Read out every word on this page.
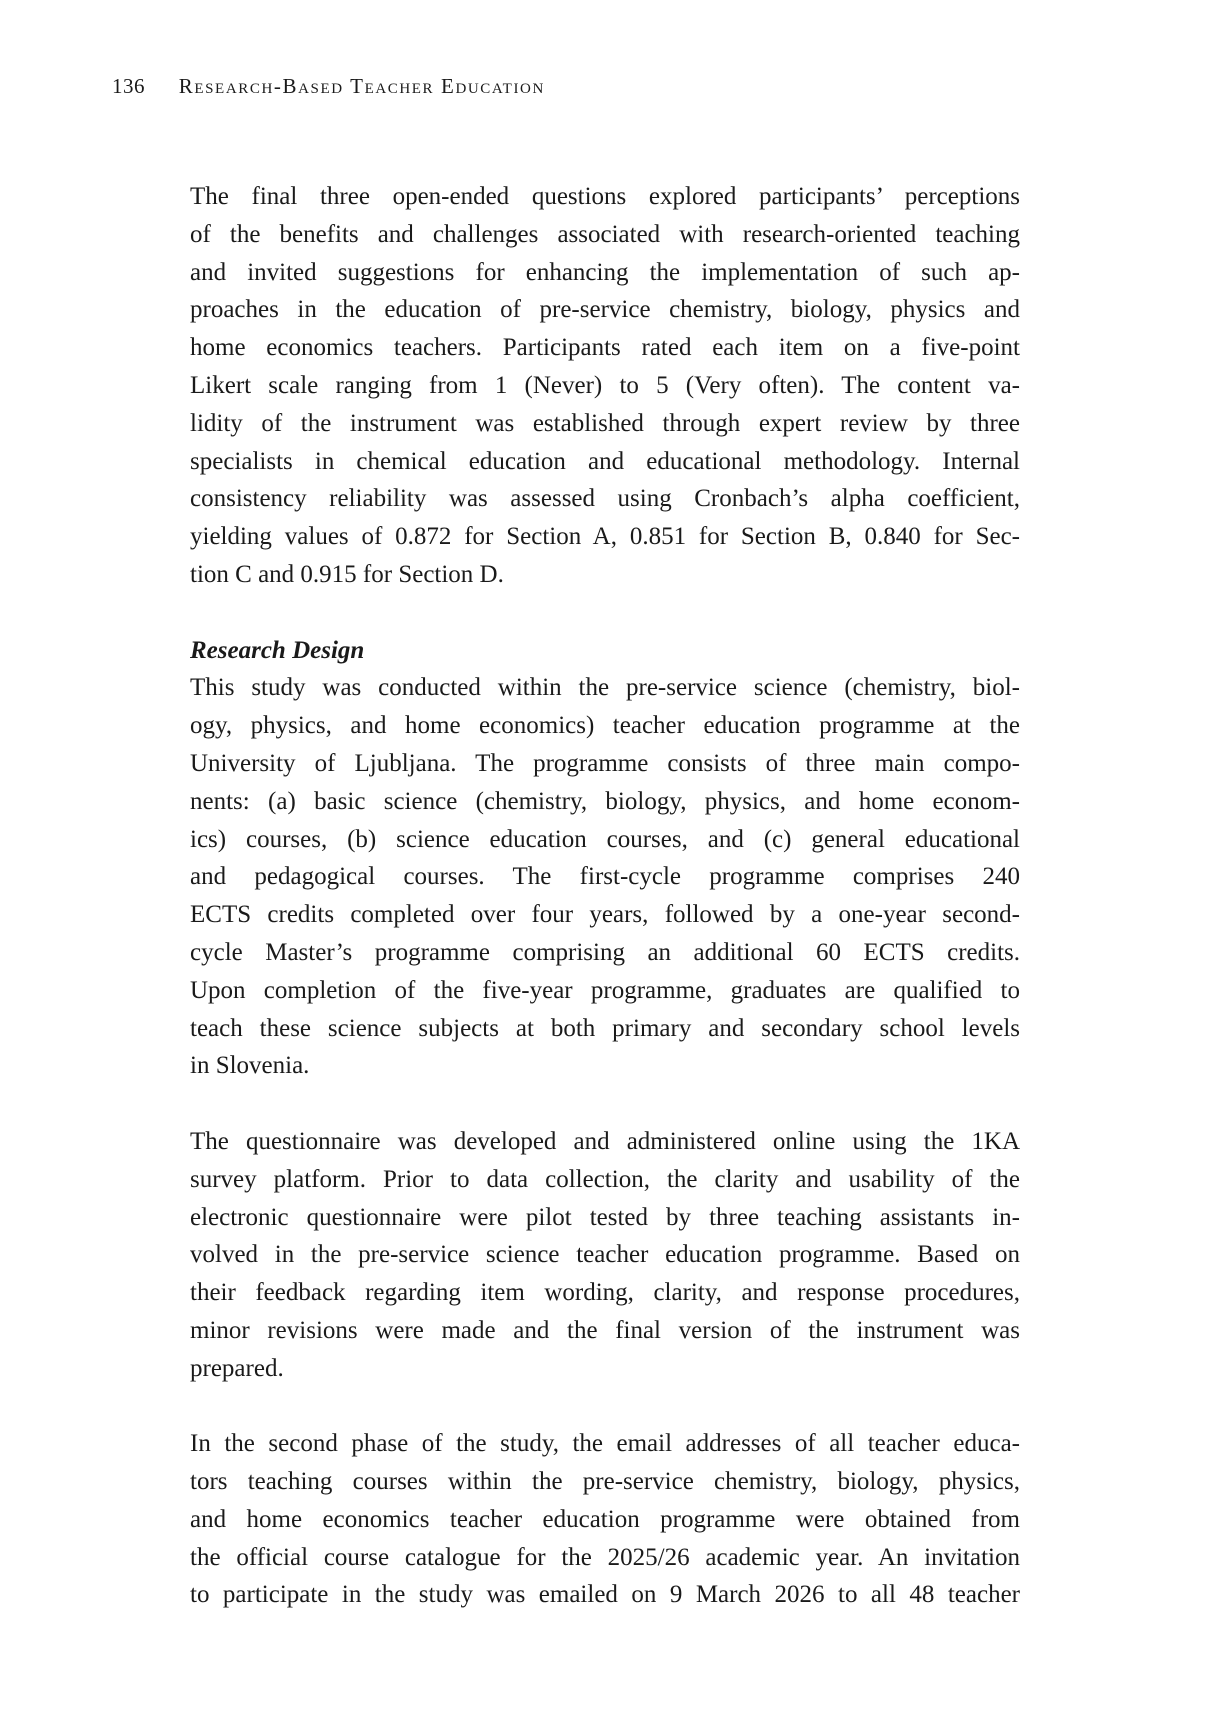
136 Research-Based Teacher Education
The final three open-ended questions explored participants’ perceptions
of the benefits and challenges associated with research-oriented teaching
and invited suggestions for enhancing the implementation of such ap-
proaches in the education of pre-service chemistry, biology, physics and
home economics teachers. Participants rated each item on a five-point
Likert scale ranging from 1 (Never) to 5 (Very often). The content va-
lidity of the instrument was established through expert review by three
specialists in chemical education and educational methodology. Internal
consistency reliability was assessed using Cronbach’s alpha coefficient,
yielding values of 0.872 for Section A, 0.851 for Section B, 0.840 for Sec-
tion C and 0.915 for Section D.
Research Design
This study was conducted within the pre-service science (chemistry, biol-
ogy, physics, and home economics) teacher education programme at the
University of Ljubljana. The programme consists of three main compo-
nents: (a) basic science (chemistry, biology, physics, and home econom-
ics) courses, (b) science education courses, and (c) general educational
and pedagogical courses. The first-cycle programme comprises 240
ECTS credits completed over four years, followed by a one-year second-
cycle Master’s programme comprising an additional 60 ECTS credits.
Upon completion of the five-year programme, graduates are qualified to
teach these science subjects at both primary and secondary school levels
in Slovenia.
The questionnaire was developed and administered online using the 1KA
survey platform. Prior to data collection, the clarity and usability of the
electronic questionnaire were pilot tested by three teaching assistants in-
volved in the pre-service science teacher education programme. Based on
their feedback regarding item wording, clarity, and response procedures,
minor revisions were made and the final version of the instrument was
prepared.
In the second phase of the study, the email addresses of all teacher educa-
tors teaching courses within the pre-service chemistry, biology, physics,
and home economics teacher education programme were obtained from
the official course catalogue for the 2025/26 academic year. An invitation
to participate in the study was emailed on 9 March 2026 to all 48 teacher
